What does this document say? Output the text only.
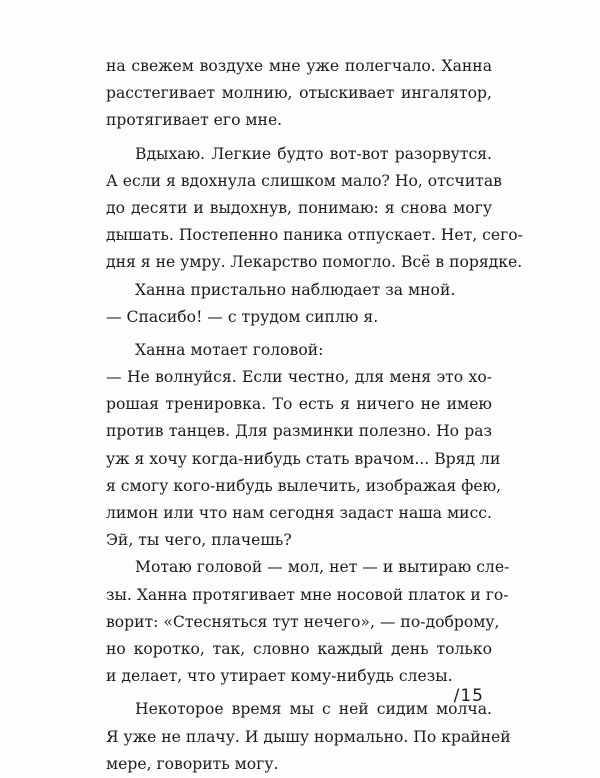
на свежем воздухе мне уже полегчало. Ханна
расстегивает молнию, отыскивает ингалятор,
протягивает его мне.
Вдыхаю. Легкие будто вот-вот разорвутся.
А если я вдохнула слишком мало? Но, отсчитав
до десяти и выдохнув, понимаю: я снова могу
дышать. Постепенно паника отпускает. Нет, сего-
дня я не умру. Лекарство помогло. Всё в порядке.
Ханна пристально наблюдает за мной.
— Спасибо! — с трудом сиплю я.
Ханна мотает головой:
— Не волнуйся. Если честно, для меня это хо-
рошая тренировка. То есть я ничего не имею
против танцев. Для разминки полезно. Но раз
уж я хочу когда-нибудь стать врачом... Вряд ли
я смогу кого-нибудь вылечить, изображая фею,
лимон или что нам сегодня задаст наша мисс.
Эй, ты чего, плачешь?
Мотаю головой — мол, нет — и вытираю сле-
зы. Ханна протягивает мне носовой платок и го-
ворит: «Стесняться тут нечего», — по-доброму,
но коротко, так, словно каждый день только
и делает, что утирает кому-нибудь слезы.
Некоторое время мы с ней сидим молча.
Я уже не плачу. И дышу нормально. По крайней
мере, говорить могу.
/15
